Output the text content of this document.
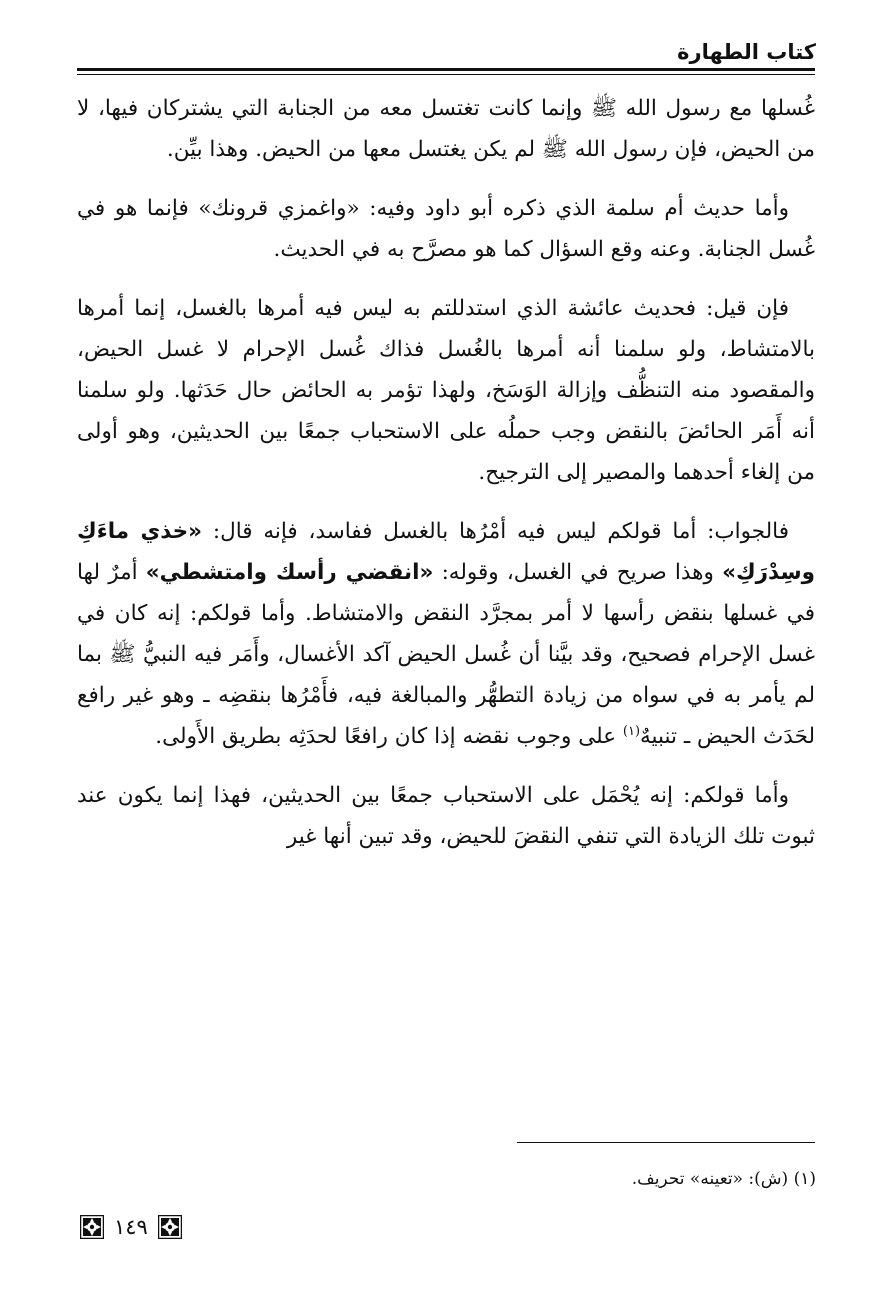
كتاب الطهارة

غُسلها مع رسول الله ﷺ وإنما كانت تغتسل معه من الجنابة التي يشتركان فيها، لا من الحيض، فإن رسول الله ﷺ لم يكن يغتسل معها من الحيض. وهذا بيِّن.

وأما حديث أم سلمة الذي ذكره أبو داود وفيه: «واغمزي قرونك» فإنما هو في غُسل الجنابة. وعنه وقع السؤال كما هو مصرَّح به في الحديث.

فإن قيل: فحديث عائشة الذي استدللتم به ليس فيه أمرها بالغسل، إنما أمرها بالامتشاط، ولو سلمنا أنه أمرها بالغُسل فذاك غُسل الإحرام لا غسل الحيض، والمقصود منه التنظُّف وإزالة الوَسَخ، ولهذا تؤمر به الحائض حال حَدَثها. ولو سلمنا أنه أَمَر الحائضَ بالنقض وجب حملُه على الاستحباب جمعًا بين الحديثين، وهو أولى من إلغاء أحدهما والمصير إلى الترجيح.

فالجواب: أما قولكم ليس فيه أمْرُها بالغسل ففاسد، فإنه قال: «خذي ماءَكِ وسِدْرَكِ» وهذا صريح في الغسل، وقوله: «انقضي رأسك وامتشطي» أمرٌ لها في غسلها بنقض رأسها لا أمر بمجرَّد النقض والامتشاط. وأما قولكم: إنه كان في غسل الإحرام فصحيح، وقد بيَّنا أن غُسل الحيض آكد الأغسال، وأَمَر فيه النبيُّ ﷺ بما لم يأمر به في سواه من زيادة التطهُّر والمبالغة فيه، فأَمْرُها بنقضِه ـ وهو غير رافع لحَدَث الحيض ـ تنبيهٌ$^{(١)}$ على وجوب نقضه إذا كان رافعًا لحدَثِه بطريق الأَولى.

وأما قولكم: إنه يُحْمَل على الاستحباب جمعًا بين الحديثين، فهذا إنما يكون عند ثبوت تلك الزيادة التي تنفي النقضَ للحيض، وقد تبين أنها غير

(١) (ش): «تعينه» تحريف.
١٤٩
